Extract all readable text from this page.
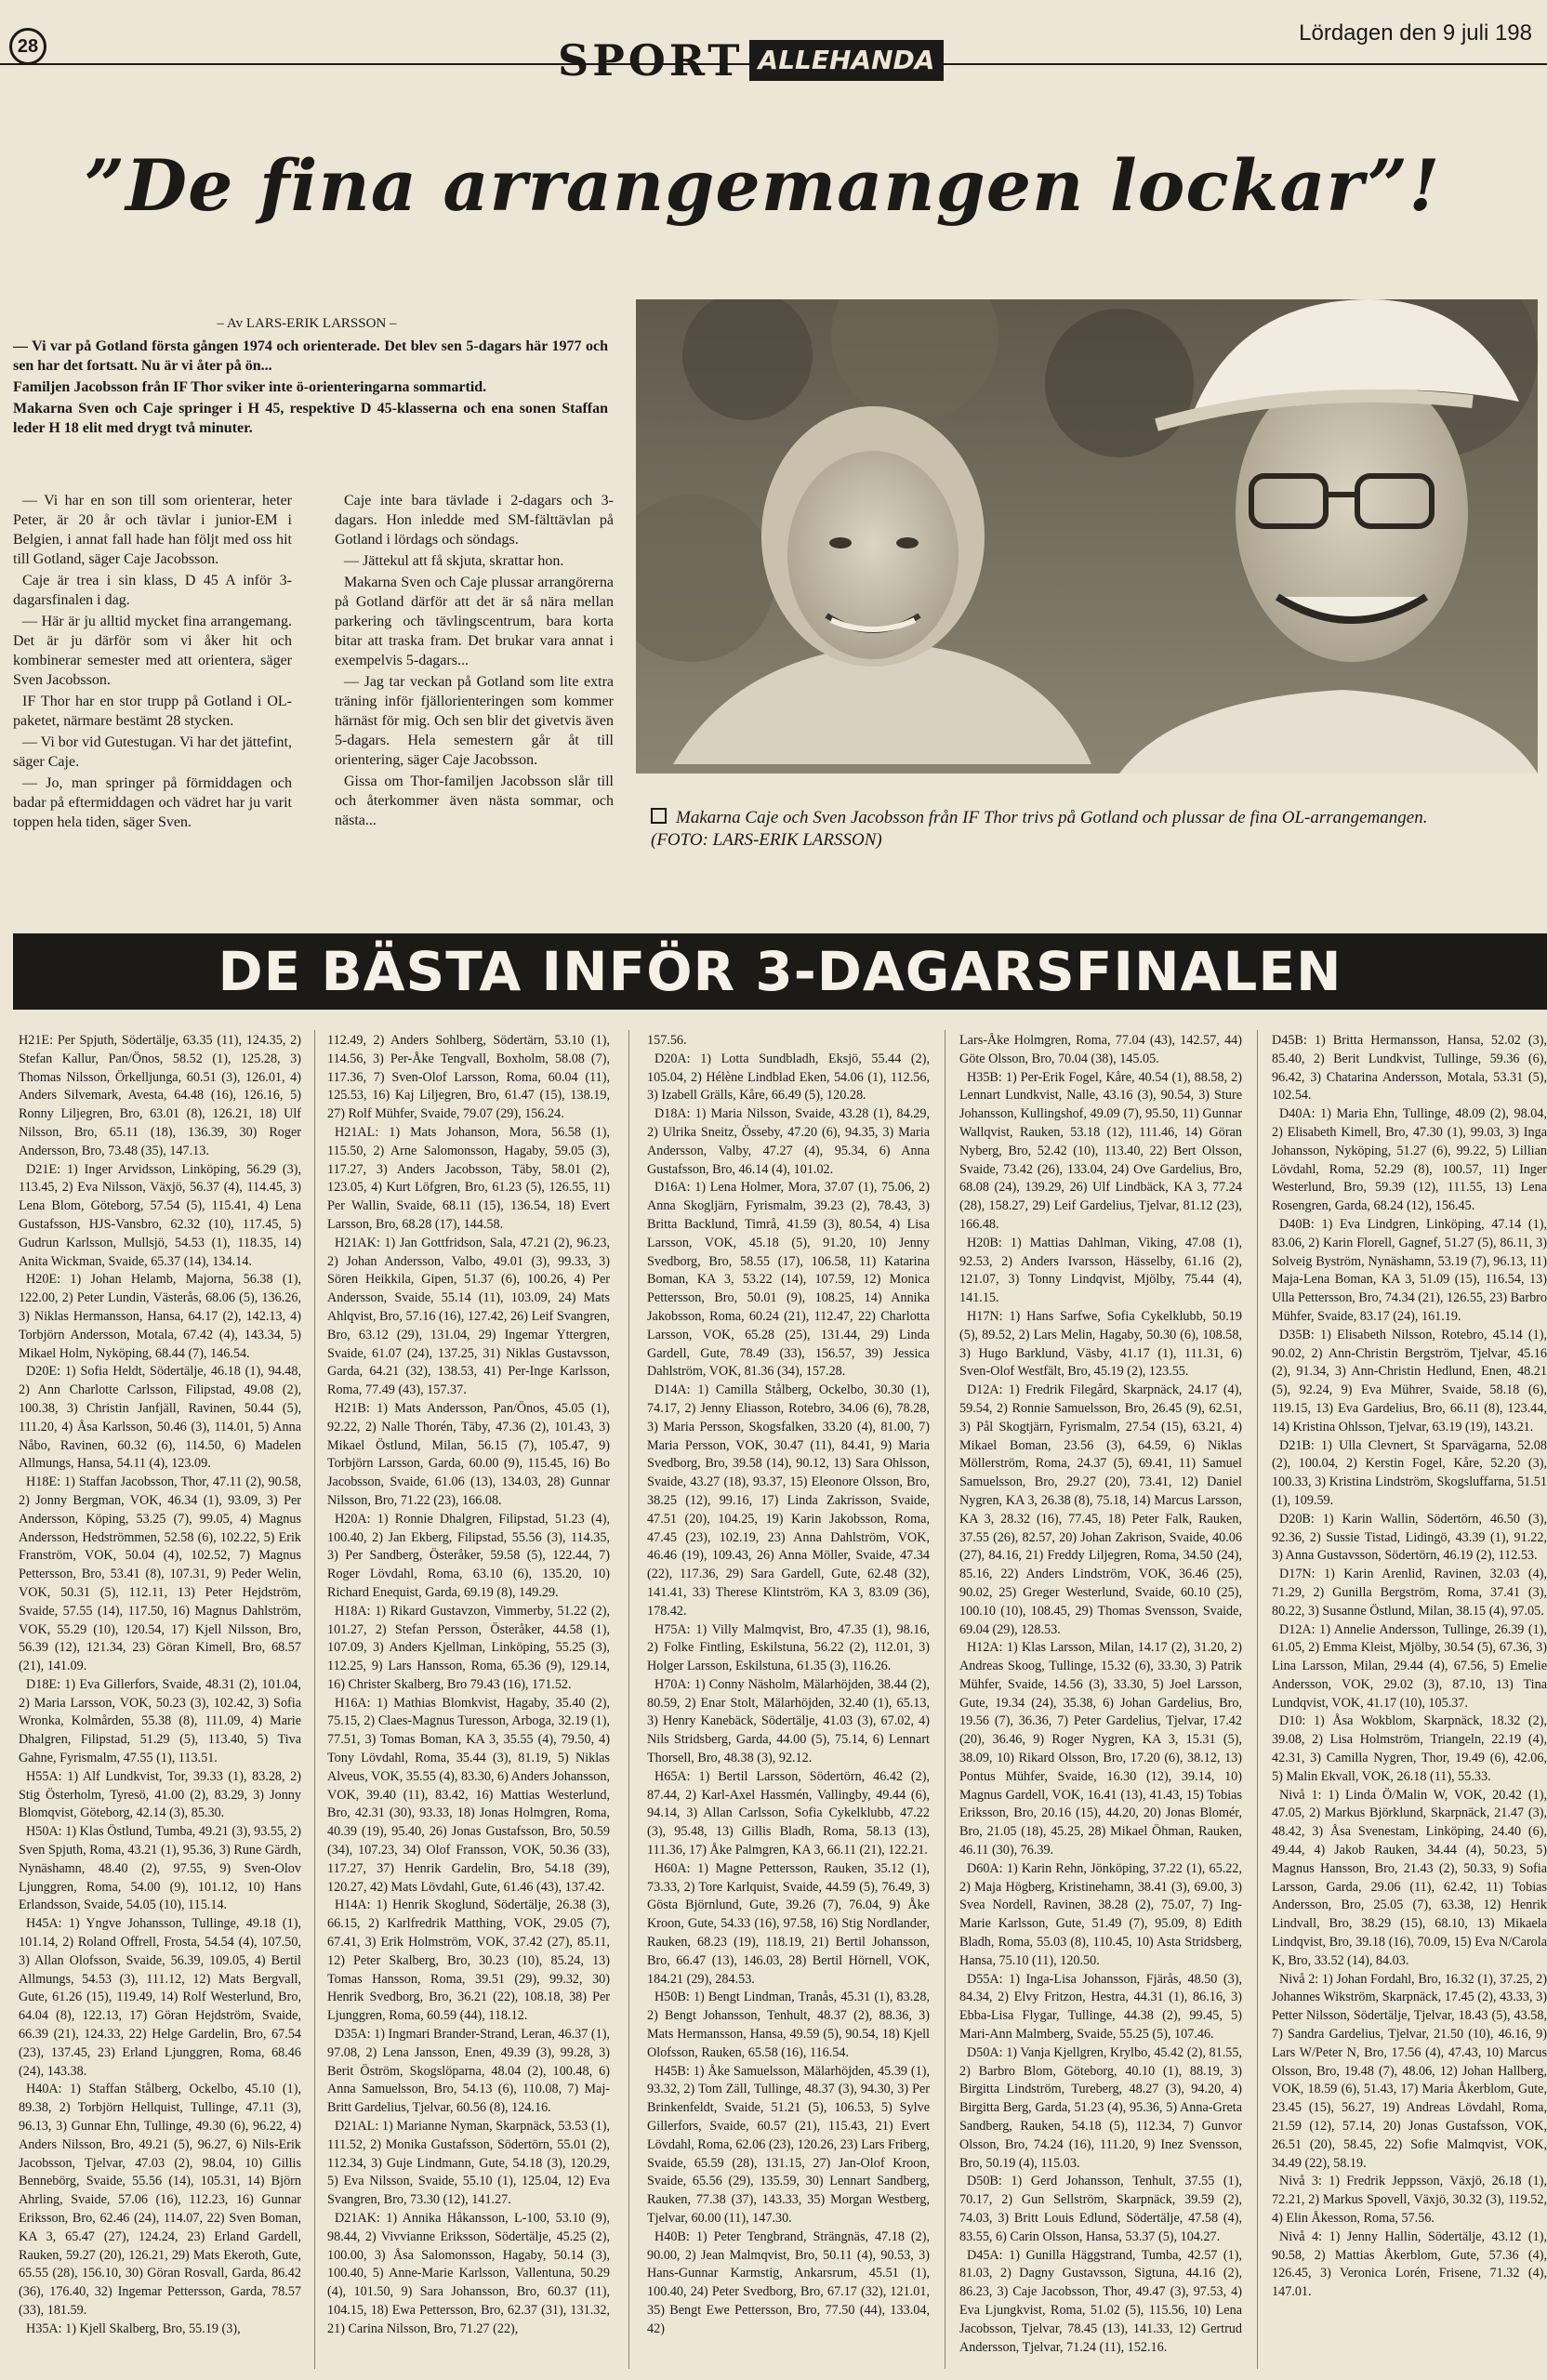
28
Lördagen den 9 juli 198
SPORT ALLEHANDA
”De fina arrangemangen lockar”!
– Av LARS-ERIK LARSSON –

— Vi var på Gotland första gången 1974 och orienterade. Det blev sen 5-dagars här 1977 och sen har det fortsatt. Nu är vi åter på ön...

Familjen Jacobsson från IF Thor sviker inte ö-orienteringarna sommartid.

Makarna Sven och Caje springer i H 45, respektive D 45-klasserna och ena sonen Staffan leder H 18 elit med drygt två minuter.

— Vi har en son till som orienterar, heter Peter, är 20 år och tävlar i junior-EM i Belgien, i annat fall hade han följt med oss hit till Gotland, säger Caje Jacobsson.

Caje är trea i sin klass, D 45 A inför 3-dagarsfinalen i dag.

— Här är ju alltid mycket fina arrangemang. Det är ju därför som vi åker hit och kombinerar semester med att orientera, säger Sven Jacobsson.

IF Thor har en stor trupp på Gotland i OL-paketet, närmare bestämt 28 stycken.

— Vi bor vid Gutestugan. Vi har det jättefint, säger Caje.

— Jo, man springer på förmiddagen och badar på eftermiddagen och vädret har ju varit toppen hela tiden, säger Sven.

Caje inte bara tävlade i 2-dagars och 3-dagars. Hon inledde med SM-fälttävlan på Gotland i lördags och söndags.

— Jättekul att få skjuta, skrattar hon.

Makarna Sven och Caje plussar arrangörerna på Gotland därför att det är så nära mellan parkering och tävlingscentrum, bara korta bitar att traska fram. Det brukar vara annat i exempelvis 5-dagars...

— Jag tar veckan på Gotland som lite extra träning inför fjällorienteringen som kommer härnäst för mig. Och sen blir det givetvis även 5-dagars. Hela semestern går åt till orientering, säger Caje Jacobsson.

Gissa om Thor-familjen Jacobsson slår till och återkommer även nästa sommar, och nästa...	Makarna Caje och Sven Jacobsson från IF Thor trivs på Gotland och plussar de fina OL-arrangemangen.
(FOTO: LARS-ERIK LARSSON)
DE BÄSTA INFÖR 3-DAGARSFINALEN

H21E: Per Spjuth, Södertälje, 63.35 (11), 124.35, 2) Stefan Kallur, Pan/Önos, 58.52 (1), 125.28, 3) Thomas Nilsson, Örkelljunga, 60.51 (3), 126.01, 4) Anders Silvemark, Avesta, 64.48 (16), 126.16, 5) Ronny Liljegren, Bro, 63.01 (8), 126.21, 18) Ulf Nilsson, Bro, 65.11 (18), 136.39, 30) Roger Andersson, Bro, 73.48 (35), 147.13.

D21E: 1) Inger Arvidsson, Linköping, 56.29 (3), 113.45, 2) Eva Nilsson, Växjö, 56.37 (4), 114.45, 3) Lena Blom, Göteborg, 57.54 (5), 115.41, 4) Lena Gustafsson, HJS-Vansbro, 62.32 (10), 117.45, 5) Gudrun Karlsson, Mullsjö, 54.53 (1), 118.35, 14) Anita Wickman, Svaide, 65.37 (14), 134.14.

H20E: 1) Johan Helamb, Majorna, 56.38 (1), 122.00, 2) Peter Lundin, Västerås, 68.06 (5), 136.26, 3) Niklas Hermansson, Hansa, 64.17 (2), 142.13, 4) Torbjörn Andersson, Motala, 67.42 (4), 143.34, 5) Mikael Holm, Nyköping, 68.44 (7), 146.54.

D20E: 1) Sofia Heldt, Södertälje, 46.18 (1), 94.48, 2) Ann Charlotte Carlsson, Filipstad, 49.08 (2), 100.38, 3) Christin Janfjäll, Ravinen, 50.44 (5), 111.20, 4) Åsa Karlsson, 50.46 (3), 114.01, 5) Anna Nåbo, Ravinen, 60.32 (6), 114.50, 6) Madelen Allmungs, Hansa, 54.11 (4), 123.09.

H18E: 1) Staffan Jacobsson, Thor, 47.11 (2), 90.58, 2) Jonny Bergman, VOK, 46.34 (1), 93.09, 3) Per Andersson, Köping, 53.25 (7), 99.05, 4) Magnus Andersson, Hedströmmen, 52.58 (6), 102.22, 5) Erik Franström, VOK, 50.04 (4), 102.52, 7) Magnus Pettersson, Bro, 53.41 (8), 107.31, 9) Peder Welin, VOK, 50.31 (5), 112.11, 13) Peter Hejdström, Svaide, 57.55 (14), 117.50, 16) Magnus Dahlström, VOK, 55.29 (10), 120.54, 17) Kjell Nilsson, Bro, 56.39 (12), 121.34, 23) Göran Kimell, Bro, 68.57 (21), 141.09.

D18E: 1) Eva Gillerfors, Svaide, 48.31 (2), 101.04, 2) Maria Larsson, VOK, 50.23 (3), 102.42, 3) Sofia Wronka, Kolmården, 55.38 (8), 111.09, 4) Marie Dhalgren, Filipstad, 51.29 (5), 113.40, 5) Tiva Gahne, Fyrismalm, 47.55 (1), 113.51.

H55A: 1) Alf Lundkvist, Tor, 39.33 (1), 83.28, 2) Stig Österholm, Tyresö, 41.00 (2), 83.29, 3) Jonny Blomqvist, Göteborg, 42.14 (3), 85.30.

H50A: 1) Klas Östlund, Tumba, 49.21 (3), 93.55, 2) Sven Spjuth, Roma, 43.21 (1), 95.36, 3) Rune Gärdh, Nynäshamn, 48.40 (2), 97.55, 9) Sven-Olov Ljunggren, Roma, 54.00 (9), 101.12, 10) Hans Erlandsson, Svaide, 54.05 (10), 115.14.

H45A: 1) Yngve Johansson, Tullinge, 49.18 (1), 101.14, 2) Roland Offrell, Frosta, 54.54 (4), 107.50, 3) Allan Olofsson, Svaide, 56.39, 109.05, 4) Bertil Allmungs, 54.53 (3), 111.12, 12) Mats Bergvall, Gute, 61.26 (15), 119.49, 14) Rolf Westerlund, Bro, 64.04 (8), 122.13, 17) Göran Hejdström, Svaide, 66.39 (21), 124.33, 22) Helge Gardelin, Bro, 67.54 (23), 137.45, 23) Erland Ljunggren, Roma, 68.46 (24), 143.38.

H40A: 1) Staffan Stålberg, Ockelbo, 45.10 (1), 89.38, 2) Torbjörn Hellquist, Tullinge, 47.11 (3), 96.13, 3) Gunnar Ehn, Tullinge, 49.30 (6), 96.22, 4) Anders Nilsson, Bro, 49.21 (5), 96.27, 6) Nils-Erik Jacobsson, Tjelvar, 47.03 (2), 98.04, 10) Gillis Bennebörg, Svaide, 55.56 (14), 105.31, 14) Björn Ahrling, Svaide, 57.06 (16), 112.23, 16) Gunnar Eriksson, Bro, 62.46 (24), 114.07, 22) Sven Boman, KA 3, 65.47 (27), 124.24, 23) Erland Gardell, Rauken, 59.27 (20), 126.21, 29) Mats Ekeroth, Gute, 65.55 (28), 156.10, 30) Göran Rosvall, Garda, 86.42 (36), 176.40, 32) Ingemar Pettersson, Garda, 78.57 (33), 181.59.

H35A: 1) Kjell Skalberg, Bro, 55.19 (3),

112.49, 2) Anders Sohlberg, Södertärn, 53.10 (1), 114.56, 3) Per-Åke Tengvall, Boxholm, 58.08 (7), 117.36, 7) Sven-Olof Larsson, Roma, 60.04 (11), 125.53, 16) Kaj Liljegren, Bro, 61.47 (15), 138.19, 27) Rolf Mühfer, Svaide, 79.07 (29), 156.24.

H21AL: 1) Mats Johanson, Mora, 56.58 (1), 115.50, 2) Arne Salomonsson, Hagaby, 59.05 (3), 117.27, 3) Anders Jacobsson, Täby, 58.01 (2), 123.05, 4) Kurt Löfgren, Bro, 61.23 (5), 126.55, 11) Per Wallin, Svaide, 68.11 (15), 136.54, 18) Evert Larsson, Bro, 68.28 (17), 144.58.

H21AK: 1) Jan Gottfridson, Sala, 47.21 (2), 96.23, 2) Johan Andersson, Valbo, 49.01 (3), 99.33, 3) Sören Heikkila, Gipen, 51.37 (6), 100.26, 4) Per Andersson, Svaide, 55.14 (11), 103.09, 24) Mats Ahlqvist, Bro, 57.16 (16), 127.42, 26) Leif Svangren, Bro, 63.12 (29), 131.04, 29) Ingemar Yttergren, Svaide, 61.07 (24), 137.25, 31) Niklas Gustavsson, Garda, 64.21 (32), 138.53, 41) Per-Inge Karlsson, Roma, 77.49 (43), 157.37.

H21B: 1) Mats Andersson, Pan/Önos, 45.05 (1), 92.22, 2) Nalle Thorén, Täby, 47.36 (2), 101.43, 3) Mikael Östlund, Milan, 56.15 (7), 105.47, 9) Torbjörn Larsson, Garda, 60.00 (9), 115.45, 16) Bo Jacobsson, Svaide, 61.06 (13), 134.03, 28) Gunnar Nilsson, Bro, 71.22 (23), 166.08.

H20A: 1) Ronnie Dhalgren, Filipstad, 51.23 (4), 100.40, 2) Jan Ekberg, Filipstad, 55.56 (3), 114.35, 3) Per Sandberg, Österåker, 59.58 (5), 122.44, 7) Roger Lövdahl, Roma, 63.10 (6), 135.20, 10) Richard Enequist, Garda, 69.19 (8), 149.29.

H18A: 1) Rikard Gustavzon, Vimmerby, 51.22 (2), 101.27, 2) Stefan Persson, Österåker, 44.58 (1), 107.09, 3) Anders Kjellman, Linköping, 55.25 (3), 112.25, 9) Lars Hansson, Roma, 65.36 (9), 129.14, 16) Christer Skalberg, Bro 79.43 (16), 171.52.

H16A: 1) Mathias Blomkvist, Hagaby, 35.40 (2), 75.15, 2) Claes-Magnus Turesson, Arboga, 32.19 (1), 77.51, 3) Tomas Boman, KA 3, 35.55 (4), 79.50, 4) Tony Lövdahl, Roma, 35.44 (3), 81.19, 5) Niklas Alveus, VOK, 35.55 (4), 83.30, 6) Anders Johansson, VOK, 39.40 (11), 83.42, 16) Mattias Westerlund, Bro, 42.31 (30), 93.33, 18) Jonas Holmgren, Roma, 40.39 (19), 95.40, 26) Jonas Gustafsson, Bro, 50.59 (34), 107.23, 34) Olof Fransson, VOK, 50.36 (33), 117.27, 37) Henrik Gardelin, Bro, 54.18 (39), 120.27, 42) Mats Lövdahl, Gute, 61.46 (43), 137.42.

H14A: 1) Henrik Skoglund, Södertälje, 26.38 (3), 66.15, 2) Karlfredrik Matthing, VOK, 29.05 (7), 67.41, 3) Erik Holmström, VOK, 37.42 (27), 85.11, 12) Peter Skalberg, Bro, 30.23 (10), 85.24, 13) Tomas Hansson, Roma, 39.51 (29), 99.32, 30) Henrik Svedborg, Bro, 36.21 (22), 108.18, 38) Per Ljunggren, Roma, 60.59 (44), 118.12.

D35A: 1) Ingmari Brander-Strand, Leran, 46.37 (1), 97.08, 2) Lena Jansson, Enen, 49.39 (3), 99.28, 3) Berit Öström, Skogslöparna, 48.04 (2), 100.48, 6) Anna Samuelsson, Bro, 54.13 (6), 110.08, 7) Maj-Britt Gardelius, Tjelvar, 60.56 (8), 124.16.

D21AL: 1) Marianne Nyman, Skarpnäck, 53.53 (1), 111.52, 2) Monika Gustafsson, Södertörn, 55.01 (2), 112.34, 3) Guje Lindmann, Gute, 54.18 (3), 120.29, 5) Eva Nilsson, Svaide, 55.10 (1), 125.04, 12) Eva Svangren, Bro, 73.30 (12), 141.27.

D21AK: 1) Annika Håkansson, L-100, 53.10 (9), 98.44, 2) Vivvianne Eriksson, Södertälje, 45.25 (2), 100.00, 3) Åsa Salomonsson, Hagaby, 50.14 (3), 100.40, 5) Anne-Marie Karlsson, Vallentuna, 50.29 (4), 101.50, 9) Sara Johansson, Bro, 60.37 (11), 104.15, 18) Ewa Pettersson, Bro, 62.37 (31), 131.32, 21) Carina Nilsson, Bro, 71.27 (22),

157.56.

D20A: 1) Lotta Sundbladh, Eksjö, 55.44 (2), 105.04, 2) Hélène Lindblad Eken, 54.06 (1), 112.56, 3) Izabell Grälls, Kåre, 66.49 (5), 120.28.

D18A: 1) Maria Nilsson, Svaide, 43.28 (1), 84.29, 2) Ulrika Sneitz, Össeby, 47.20 (6), 94.35, 3) Maria Andersson, Valby, 47.27 (4), 95.34, 6) Anna Gustafsson, Bro, 46.14 (4), 101.02.

D16A: 1) Lena Holmer, Mora, 37.07 (1), 75.06, 2) Anna Skogljärn, Fyrismalm, 39.23 (2), 78.43, 3) Britta Backlund, Timrå, 41.59 (3), 80.54, 4) Lisa Larsson, VOK, 45.18 (5), 91.20, 10) Jenny Svedborg, Bro, 58.55 (17), 106.58, 11) Katarina Boman, KA 3, 53.22 (14), 107.59, 12) Monica Pettersson, Bro, 50.01 (9), 108.25, 14) Annika Jakobsson, Roma, 60.24 (21), 112.47, 22) Charlotta Larsson, VOK, 65.28 (25), 131.44, 29) Linda Gardell, Gute, 78.49 (33), 156.57, 39) Jessica Dahlström, VOK, 81.36 (34), 157.28.

D14A: 1) Camilla Stålberg, Ockelbo, 30.30 (1), 74.17, 2) Jenny Eliasson, Rotebro, 34.06 (6), 78.28, 3) Maria Persson, Skogsfalken, 33.20 (4), 81.00, 7) Maria Persson, VOK, 30.47 (11), 84.41, 9) Maria Svedborg, Bro, 39.58 (14), 90.12, 13) Sara Ohlsson, Svaide, 43.27 (18), 93.37, 15) Eleonore Olsson, Bro, 38.25 (12), 99.16, 17) Linda Zakrisson, Svaide, 47.51 (20), 104.25, 19) Karin Jakobsson, Roma, 47.45 (23), 102.19, 23) Anna Dahlström, VOK, 46.46 (19), 109.43, 26) Anna Möller, Svaide, 47.34 (22), 117.36, 29) Sara Gardell, Gute, 62.48 (32), 141.41, 33) Therese Klintström, KA 3, 83.09 (36), 178.42.

H75A: 1) Villy Malmqvist, Bro, 47.35 (1), 98.16, 2) Folke Fintling, Eskilstuna, 56.22 (2), 112.01, 3) Holger Larsson, Eskilstuna, 61.35 (3), 116.26.

H70A: 1) Conny Näsholm, Mälarhöjden, 38.44 (2), 80.59, 2) Enar Stolt, Mälarhöjden, 32.40 (1), 65.13, 3) Henry Kanebäck, Södertälje, 41.03 (3), 67.02, 4) Nils Stridsberg, Garda, 44.00 (5), 75.14, 6) Lennart Thorsell, Bro, 48.38 (3), 92.12.

H65A: 1) Bertil Larsson, Södertörn, 46.42 (2), 87.44, 2) Karl-Axel Hassmén, Vallingby, 49.44 (6), 94.14, 3) Allan Carlsson, Sofia Cykelklubb, 47.22 (3), 95.48, 13) Gillis Bladh, Roma, 58.13 (13), 111.36, 17) Åke Palmgren, KA 3, 66.11 (21), 122.21.

H60A: 1) Magne Pettersson, Rauken, 35.12 (1), 73.33, 2) Tore Karlquist, Svaide, 44.59 (5), 76.49, 3) Gösta Björnlund, Gute, 39.26 (7), 76.04, 9) Åke Kroon, Gute, 54.33 (16), 97.58, 16) Stig Nordlander, Rauken, 68.23 (19), 118.19, 21) Bertil Johansson, Bro, 66.47 (13), 146.03, 28) Bertil Hörnell, VOK, 184.21 (29), 284.53.

H50B: 1) Bengt Lindman, Tranås, 45.31 (1), 83.28, 2) Bengt Johansson, Tenhult, 48.37 (2), 88.36, 3) Mats Hermansson, Hansa, 49.59 (5), 90.54, 18) Kjell Olofsson, Rauken, 65.58 (16), 116.54.

H45B: 1) Åke Samuelsson, Mälarhöjden, 45.39 (1), 93.32, 2) Tom Zäll, Tullinge, 48.37 (3), 94.30, 3) Per Brinkenfeldt, Svaide, 51.21 (5), 106.53, 5) Sylve Gillerfors, Svaide, 60.57 (21), 115.43, 21) Evert Lövdahl, Roma, 62.06 (23), 120.26, 23) Lars Friberg, Svaide, 65.59 (28), 131.15, 27) Jan-Olof Kroon, Svaide, 65.56 (29), 135.59, 30) Lennart Sandberg, Rauken, 77.38 (37), 143.33, 35) Morgan Westberg, Tjelvar, 60.00 (11), 147.30.

H40B: 1) Peter Tengbrand, Strängnäs, 47.18 (2), 90.00, 2) Jean Malmqvist, Bro, 50.11 (4), 90.53, 3) Hans-Gunnar Karmstig, Ankarsrum, 45.51 (1), 100.40, 24) Peter Svedborg, Bro, 67.17 (32), 121.01, 35) Bengt Ewe Pettersson, Bro, 77.50 (44), 133.04, 42)

Lars-Åke Holmgren, Roma, 77.04 (43), 142.57, 44) Göte Olsson, Bro, 70.04 (38), 145.05.

H35B: 1) Per-Erik Fogel, Kåre, 40.54 (1), 88.58, 2) Lennart Lundkvist, Nalle, 43.16 (3), 90.54, 3) Sture Johansson, Kullingshof, 49.09 (7), 95.50, 11) Gunnar Wallqvist, Rauken, 53.18 (12), 111.46, 14) Göran Nyberg, Bro, 52.42 (10), 113.40, 22) Bert Olsson, Svaide, 73.42 (26), 133.04, 24) Ove Gardelius, Bro, 68.08 (24), 139.29, 26) Ulf Lindbäck, KA 3, 77.24 (28), 158.27, 29) Leif Gardelius, Tjelvar, 81.12 (23), 166.48.

H20B: 1) Mattias Dahlman, Viking, 47.08 (1), 92.53, 2) Anders Ivarsson, Hässelby, 61.16 (2), 121.07, 3) Tonny Lindqvist, Mjölby, 75.44 (4), 141.15.

H17N: 1) Hans Sarfwe, Sofia Cykelklubb, 50.19 (5), 89.52, 2) Lars Melin, Hagaby, 50.30 (6), 108.58, 3) Hugo Barklund, Väsby, 41.17 (1), 111.31, 6) Sven-Olof Westfält, Bro, 45.19 (2), 123.55.

D12A: 1) Fredrik Filegård, Skarpnäck, 24.17 (4), 59.54, 2) Ronnie Samuelsson, Bro, 26.45 (9), 62.51, 3) Pål Skogtjärn, Fyrismalm, 27.54 (15), 63.21, 4) Mikael Boman, 23.56 (3), 64.59, 6) Niklas Möllerström, Roma, 24.37 (5), 69.41, 11) Samuel Samuelsson, Bro, 29.27 (20), 73.41, 12) Daniel Nygren, KA 3, 26.38 (8), 75.18, 14) Marcus Larsson, KA 3, 28.32 (16), 77.45, 18) Peter Falk, Rauken, 37.55 (26), 82.57, 20) Johan Zakrison, Svaide, 40.06 (27), 84.16, 21) Freddy Liljegren, Roma, 34.50 (24), 85.16, 22) Anders Lindström, VOK, 36.46 (25), 90.02, 25) Greger Westerlund, Svaide, 60.10 (25), 100.10 (10), 108.45, 29) Thomas Svensson, Svaide, 69.04 (29), 128.53.

H12A: 1) Klas Larsson, Milan, 14.17 (2), 31.20, 2) Andreas Skoog, Tullinge, 15.32 (6), 33.30, 3) Patrik Mühfer, Svaide, 14.56 (3), 33.30, 5) Joel Larsson, Gute, 19.34 (24), 35.38, 6) Johan Gardelius, Bro, 19.56 (7), 36.36, 7) Peter Gardelius, Tjelvar, 17.42 (20), 36.46, 9) Roger Nygren, KA 3, 15.31 (5), 38.09, 10) Rikard Olsson, Bro, 17.20 (6), 38.12, 13) Pontus Mühfer, Svaide, 16.30 (12), 39.14, 10) Magnus Gardell, VOK, 16.41 (13), 41.43, 15) Tobias Eriksson, Bro, 20.16 (15), 44.20, 20) Jonas Blomér, Bro, 21.05 (18), 45.25, 28) Mikael Öhman, Rauken, 46.11 (30), 76.39.

D60A: 1) Karin Rehn, Jönköping, 37.22 (1), 65.22, 2) Maja Högberg, Kristinehamn, 38.41 (3), 69.00, 3) Svea Nordell, Ravinen, 38.28 (2), 75.07, 7) Ing-Marie Karlsson, Gute, 51.49 (7), 95.09, 8) Edith Bladh, Roma, 55.03 (8), 110.45, 10) Asta Stridsberg, Hansa, 75.10 (11), 120.50.

D55A: 1) Inga-Lisa Johansson, Fjärås, 48.50 (3), 84.34, 2) Elvy Fritzon, Hestra, 44.31 (1), 86.16, 3) Ebba-Lisa Flygar, Tullinge, 44.38 (2), 99.45, 5) Mari-Ann Malmberg, Svaide, 55.25 (5), 107.46.

D50A: 1) Vanja Kjellgren, Krylbo, 45.42 (2), 81.55, 2) Barbro Blom, Göteborg, 40.10 (1), 88.19, 3) Birgitta Lindström, Tureberg, 48.27 (3), 94.20, 4) Birgitta Berg, Garda, 51.23 (4), 95.36, 5) Anna-Greta Sandberg, Rauken, 54.18 (5), 112.34, 7) Gunvor Olsson, Bro, 74.24 (16), 111.20, 9) Inez Svensson, Bro, 50.19 (4), 115.03.

D50B: 1) Gerd Johansson, Tenhult, 37.55 (1), 70.17, 2) Gun Sellström, Skarpnäck, 39.59 (2), 74.03, 3) Britt Louis Edlund, Södertälje, 47.58 (4), 83.55, 6) Carin Olsson, Hansa, 53.37 (5), 104.27.

D45A: 1) Gunilla Häggstrand, Tumba, 42.57 (1), 81.03, 2) Dagny Gustavsson, Sigtuna, 44.16 (2), 86.23, 3) Caje Jacobsson, Thor, 49.47 (3), 97.53, 4) Eva Ljungkvist, Roma, 51.02 (5), 115.56, 10) Lena Jacobsson, Tjelvar, 78.45 (13), 141.33, 12) Gertrud Andersson, Tjelvar, 71.24 (11), 152.16.

D45B: 1) Britta Hermansson, Hansa, 52.02 (3), 85.40, 2) Berit Lundkvist, Tullinge, 59.36 (6), 96.42, 3) Chatarina Andersson, Motala, 53.31 (5), 102.54.

D40A: 1) Maria Ehn, Tullinge, 48.09 (2), 98.04, 2) Elisabeth Kimell, Bro, 47.30 (1), 99.03, 3) Inga Johansson, Nyköping, 51.27 (6), 99.22, 5) Lillian Lövdahl, Roma, 52.29 (8), 100.57, 11) Inger Westerlund, Bro, 59.39 (12), 111.55, 13) Lena Rosengren, Garda, 68.24 (12), 156.45.

D40B: 1) Eva Lindgren, Linköping, 47.14 (1), 83.06, 2) Karin Florell, Gagnef, 51.27 (5), 86.11, 3) Solveig Byström, Nynäshamn, 53.19 (7), 96.13, 11) Maja-Lena Boman, KA 3, 51.09 (15), 116.54, 13) Ulla Pettersson, Bro, 74.34 (21), 126.55, 23) Barbro Mühfer, Svaide, 83.17 (24), 161.19.

D35B: 1) Elisabeth Nilsson, Rotebro, 45.14 (1), 90.02, 2) Ann-Christin Bergström, Tjelvar, 45.16 (2), 91.34, 3) Ann-Christin Hedlund, Enen, 48.21 (5), 92.24, 9) Eva Mührer, Svaide, 58.18 (6), 119.15, 13) Eva Gardelius, Bro, 66.11 (8), 123.44, 14) Kristina Ohlsson, Tjelvar, 63.19 (19), 143.21.

D21B: 1) Ulla Clevnert, St Sparvägarna, 52.08 (2), 100.04, 2) Kerstin Fogel, Kåre, 52.20 (3), 100.33, 3) Kristina Lindström, Skogsluffarna, 51.51 (1), 109.59.

D20B: 1) Karin Wallin, Södertörn, 46.50 (3), 92.36, 2) Sussie Tistad, Lidingö, 43.39 (1), 91.22, 3) Anna Gustavsson, Södertörn, 46.19 (2), 112.53.

D17N: 1) Karin Arenlid, Ravinen, 32.03 (4), 71.29, 2) Gunilla Bergström, Roma, 37.41 (3), 80.22, 3) Susanne Östlund, Milan, 38.15 (4), 97.05.

D12A: 1) Annelie Andersson, Tullinge, 26.39 (1), 61.05, 2) Emma Kleist, Mjölby, 30.54 (5), 67.36, 3) Lina Larsson, Milan, 29.44 (4), 67.56, 5) Emelie Andersson, VOK, 29.02 (3), 87.10, 13) Tina Lundqvist, VOK, 41.17 (10), 105.37.

D10: 1) Åsa Wokblom, Skarpnäck, 18.32 (2), 39.08, 2) Lisa Holmström, Triangeln, 22.19 (4), 42.31, 3) Camilla Nygren, Thor, 19.49 (6), 42.06, 5) Malin Ekvall, VOK, 26.18 (11), 55.33.

Nivå 1: 1) Linda Ö/Malin W, VOK, 20.42 (1), 47.05, 2) Markus Björklund, Skarpnäck, 21.47 (3), 48.42, 3) Åsa Svenestam, Linköping, 24.40 (6), 49.44, 4) Jakob Rauken, 34.44 (4), 50.23, 5) Magnus Hansson, Bro, 21.43 (2), 50.33, 9) Sofia Larsson, Garda, 29.06 (11), 62.42, 11) Tobias Andersson, Bro, 25.05 (7), 63.38, 12) Henrik Lindvall, Bro, 38.29 (15), 68.10, 13) Mikaela Lindqvist, Bro, 39.18 (16), 70.09, 15) Eva N/Carola K, Bro, 33.52 (14), 84.03.

Nivå 2: 1) Johan Fordahl, Bro, 16.32 (1), 37.25, 2) Johannes Wikström, Skarpnäck, 17.45 (2), 43.33, 3) Petter Nilsson, Södertälje, Tjelvar, 18.43 (5), 43.58, 7) Sandra Gardelius, Tjelvar, 21.50 (10), 46.16, 9) Lars W/Peter N, Bro, 17.56 (4), 47.43, 10) Marcus Olsson, Bro, 19.48 (7), 48.06, 12) Johan Hallberg, VOK, 18.59 (6), 51.43, 17) Maria Åkerblom, Gute, 23.45 (15), 56.27, 19) Andreas Lövdahl, Roma, 21.59 (12), 57.14, 20) Jonas Gustafsson, VOK, 26.51 (20), 58.45, 22) Sofie Malmqvist, VOK, 34.49 (22), 58.19.

Nivå 3: 1) Fredrik Jeppsson, Växjö, 26.18 (1), 72.21, 2) Markus Spovell, Växjö, 30.32 (3), 119.52, 4) Elin Åkesson, Roma, 57.56.

Nivå 4: 1) Jenny Hallin, Södertälje, 43.12 (1), 90.58, 2) Mattias Åkerblom, Gute, 57.36 (4), 126.45, 3) Veronica Lorén, Frisene, 71.32 (4), 147.01.
